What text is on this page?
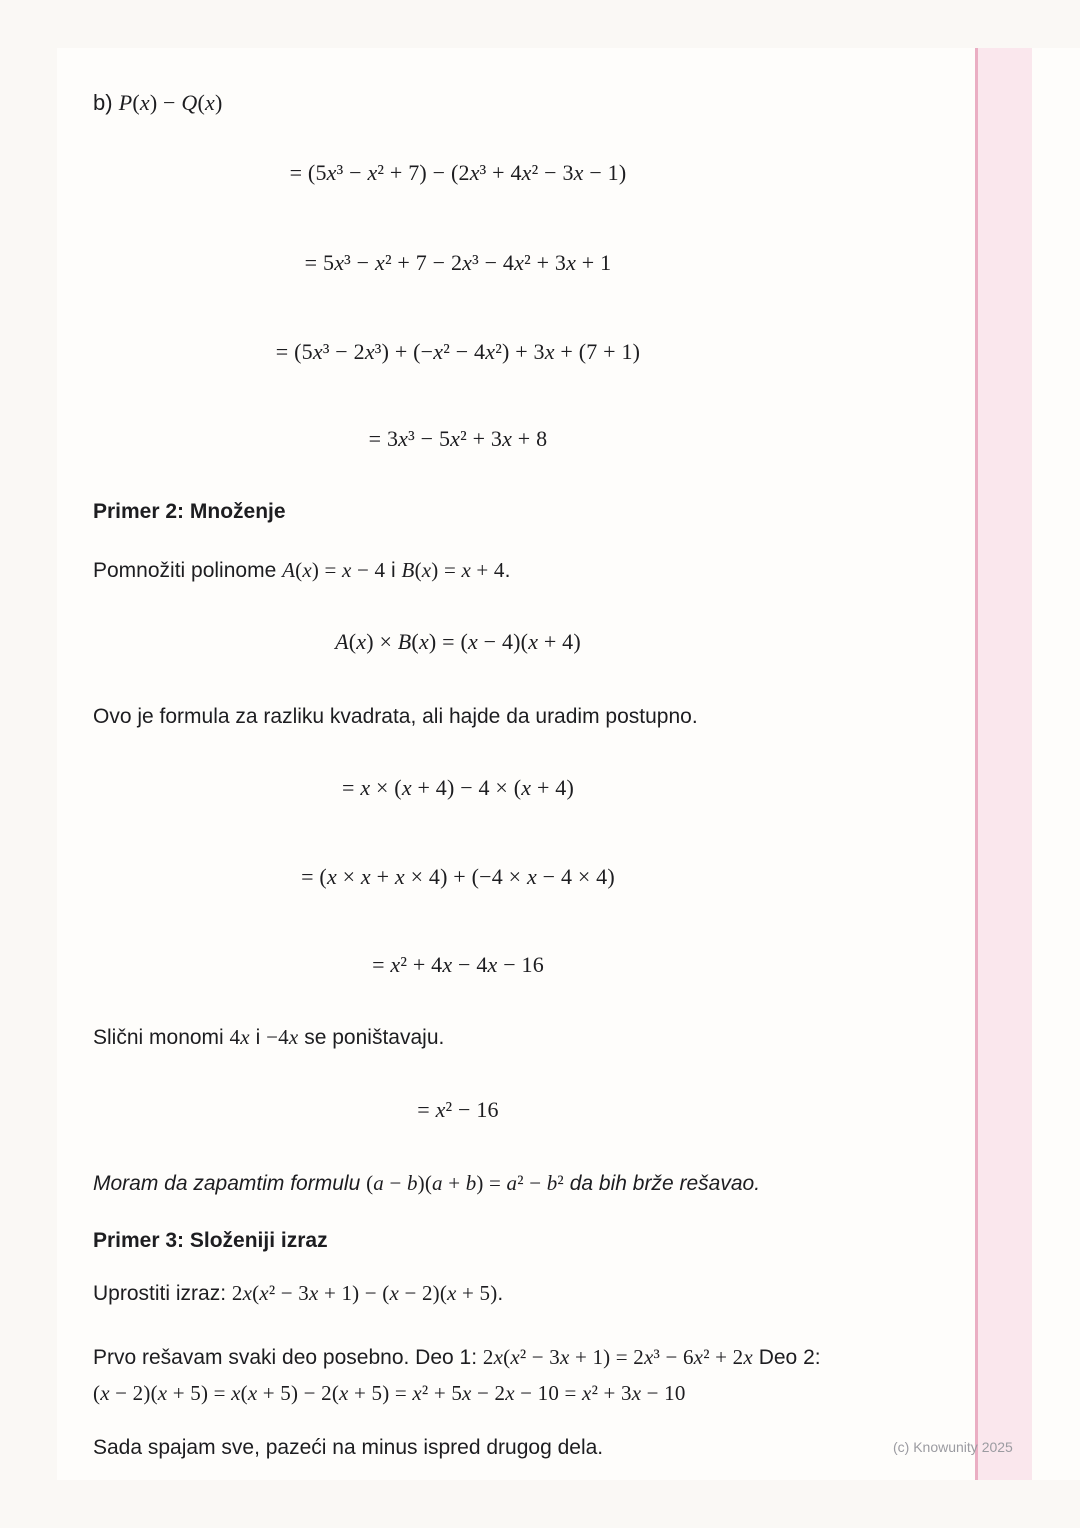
(c) Knowunity 2025
b) P(x) − Q(x)
= (5x³ − x² + 7) − (2x³ + 4x² − 3x − 1)
= 5x³ − x² + 7 − 2x³ − 4x² + 3x + 1
= (5x³ − 2x³) + (−x² − 4x²) + 3x + (7 + 1)
= 3x³ − 5x² + 3x + 8
Primer 2: Množenje
Pomnožiti polinome A(x) = x − 4 i B(x) = x + 4.
A(x) × B(x) = (x − 4)(x + 4)
Ovo je formula za razliku kvadrata, ali hajde da uradim postupno.
= x × (x + 4) − 4 × (x + 4)
= (x × x + x × 4) + (−4 × x − 4 × 4)
= x² + 4x − 4x − 16
Slični monomi 4x i −4x se poništavaju.
= x² − 16
Moram da zapamtim formulu (a − b)(a + b) = a² − b² da bih brže rešavao.
Primer 3: Složeniji izraz
Uprostiti izraz: 2x(x² − 3x + 1) − (x − 2)(x + 5).
Prvo rešavam svaki deo posebno. Deo 1: 2x(x² − 3x + 1) = 2x³ − 6x² + 2x Deo 2:
(x − 2)(x + 5) = x(x + 5) − 2(x + 5) = x² + 5x − 2x − 10 = x² + 3x − 10
Sada spajam sve, pazeći na minus ispred drugog dela.
